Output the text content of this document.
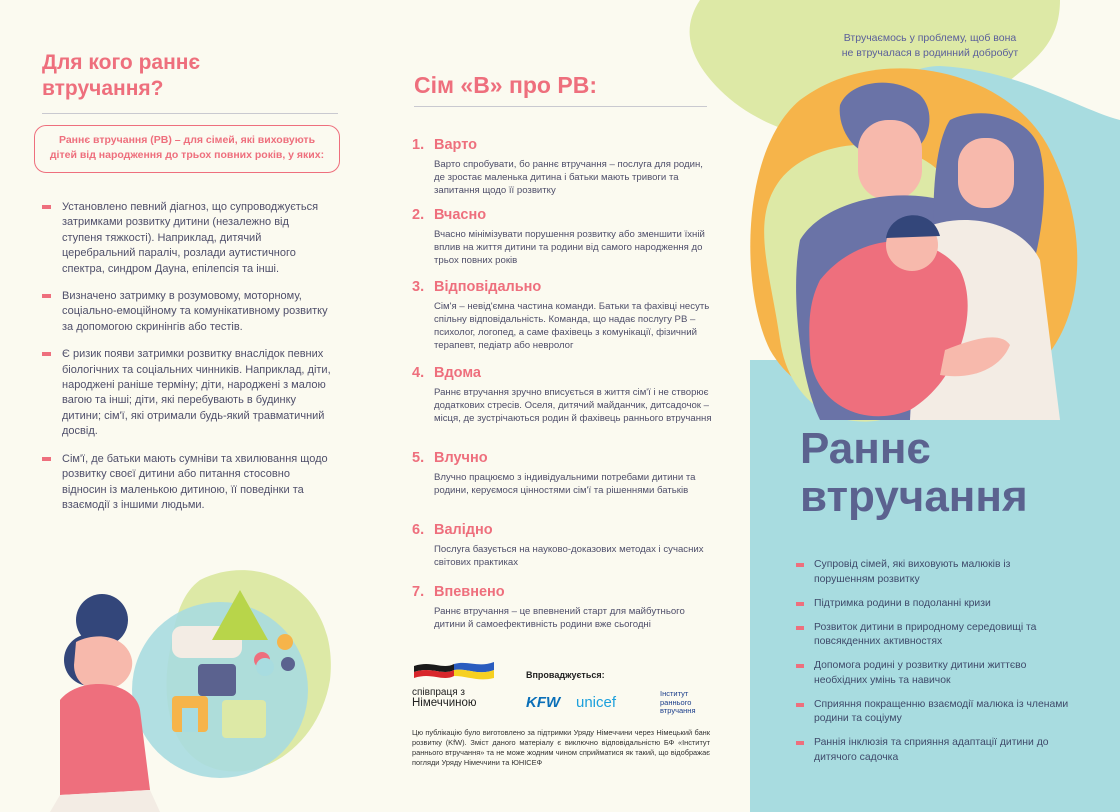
Для кого раннє
втручання?
Раннє втручання (РВ) – для сімей, які виховують
дітей від народження до трьох повних років, у яких:
Установлено певний діагноз, що супроводжується затримками розвитку дитини (незалежно від ступеня тяжкості). Наприклад, дитячий церебральний параліч, розлади аутистичного спектра, синдром Дауна, епілепсія та інші.
Визначено затримку в розумовому, моторному, соціально-емоційному та комунікативному розвитку за допомогою скринінгів або тестів.
Є ризик появи затримки розвитку внаслідок певних біологічних та соціальних чинників. Наприклад, діти, народжені раніше терміну; діти, народжені з малою вагою та інші; діти, які перебувають в будинку дитини; сім'ї, які отримали будь-який травматичний досвід.
Сім'ї, де батьки мають сумніви та хвилювання щодо розвитку своєї дитини або питання стосовно відносин із маленькою дитиною, її поведінки та взаємодії з іншими людьми.
Сім «В» про РВ:
1. Варто
Варто спробувати, бо раннє втручання – послуга для родин, де зростає маленька дитина і батьки мають тривоги та запитання щодо її розвитку
2. Вчасно
Вчасно мінімізувати порушення розвитку або зменшити їхній вплив на життя дитини та родини від самого народження до трьох повних років
3. Відповідально
Сім'я – невід'ємна частина команди. Батьки та фахівці несуть спільну відповідальність. Команда, що надає послугу РВ – психолог, логопед, а саме фахівець з комунікації, фізичний терапевт, педіатр або невролог
4. Вдома
Раннє втручання зручно вписується в життя сім'ї і не створює додаткових стресів. Оселя, дитячий майданчик, дитсадочок – місця, де зустрічаються родин й фахівець раннього втручання
5. Влучно
Влучно працюємо з індивідуальними потребами дитини та родини, керуємося цінностями сім'ї та рішеннями батьків
6. Валідно
Послуга базується на науково-доказових методах і сучасних світових практиках
7. Впевнено
Раннє втручання – це впевнений старт для майбутнього дитини й самоефективність родини вже сьогодні
співпраця з
Німеччиною
Впроваджується:
KFW unicef
Інститут
раннього
втручання
Цю публікацію було виготовлено за підтримки Уряду Німеччини через Німецький банк розвитку (KfW). Зміст даного матеріалу є виключно відповідальністю БФ «Інститут раннього втручання» та не може жодним чином сприйматися як такий, що відображає погляди Уряду Німеччини та ЮНІСЕФ
Втручаємось у проблему, щоб вона
не втручалася в родинний добробут
Раннє
втручання
Супровід сімей, які виховують малюків із порушенням розвитку
Підтримка родини в подоланні кризи
Розвиток дитини в природному середовищі та повсякденних активностях
Допомога родині у розвитку дитини життєво необхідних умінь та навичок
Сприяння покращенню взаємодії малюка із членами родини та соціуму
Раннія інклюзія та сприяння адаптації дитини до дитячого садочка
